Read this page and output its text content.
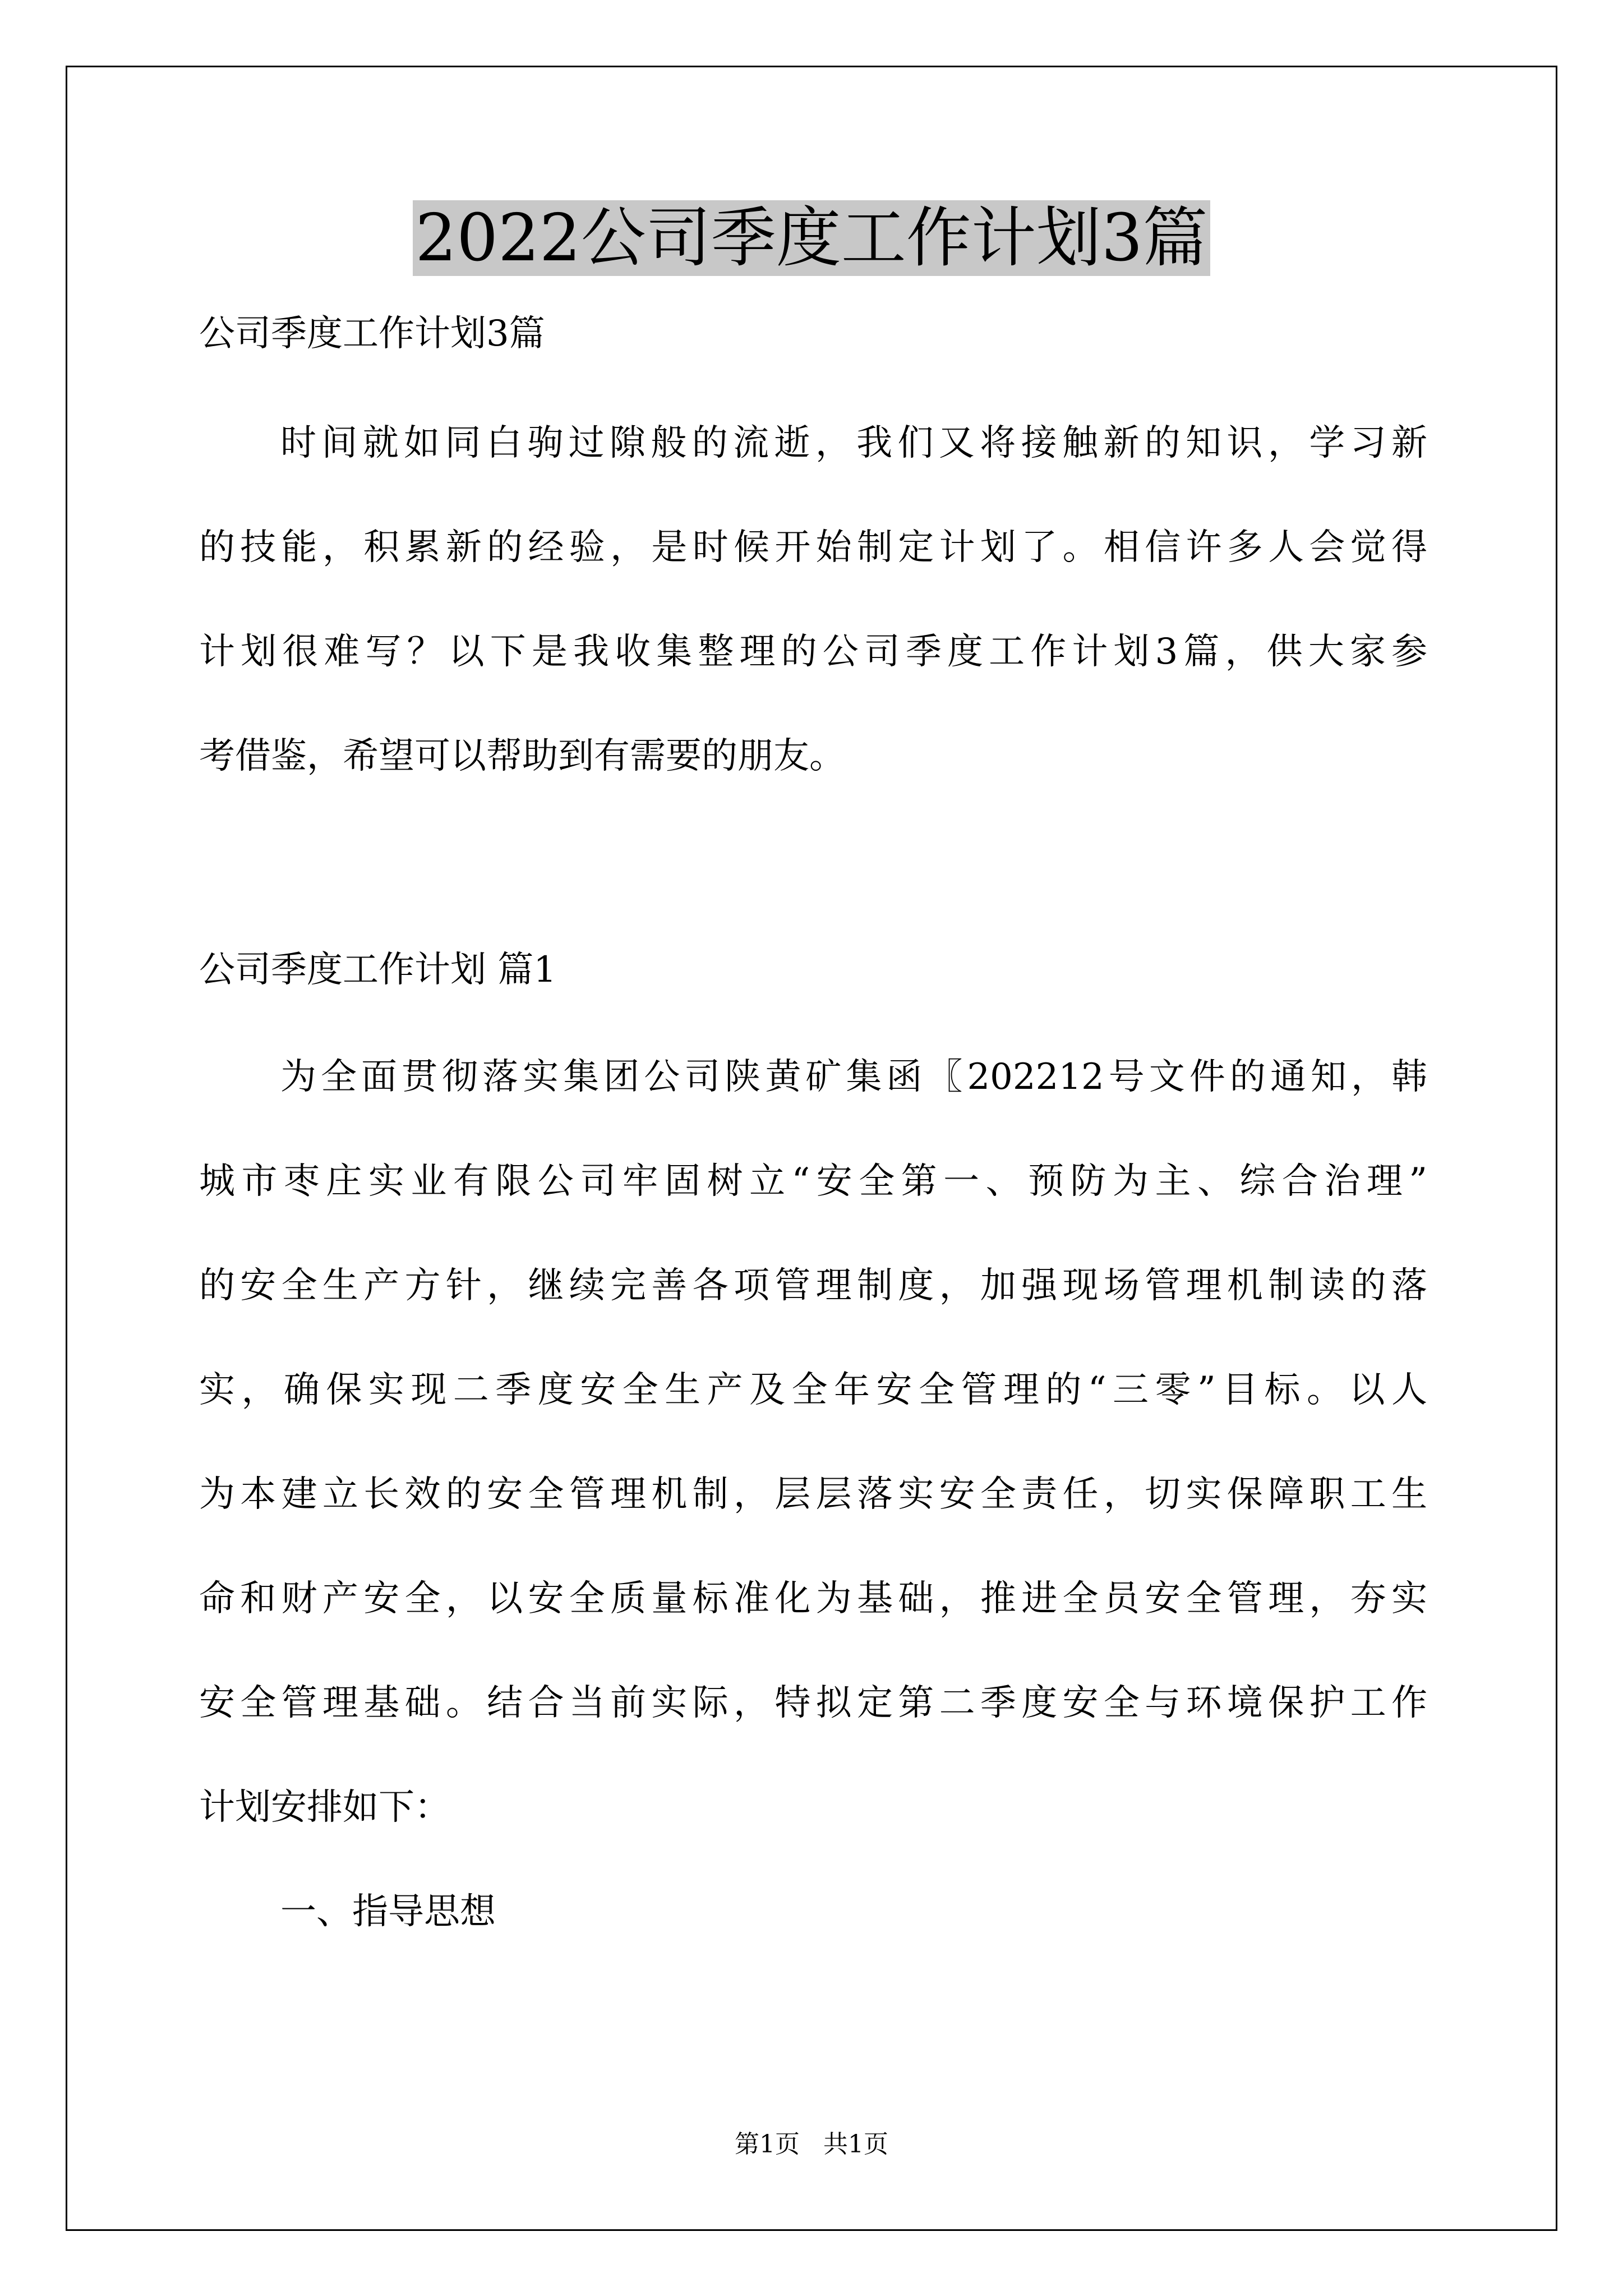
2022公司季度工作计划3篇

公司季度工作计划3篇

时间就如同白驹过隙般的流逝，我们又将接触新的知识，学习新

的技能，积累新的经验，是时候开始制定计划了。相信许多人会觉得

计划很难写？以下是我收集整理的公司季度工作计划3篇，供大家参

考借鉴，希望可以帮助到有需要的朋友。

公司季度工作计划 篇1

为全面贯彻落实集团公司陕黄矿集函〖202212号文件的通知，韩

城市枣庄实业有限公司牢固树立“安全第一、预防为主、综合治理”

的安全生产方针，继续完善各项管理制度，加强现场管理机制读的落

实，确保实现二季度安全生产及全年安全管理的“三零”目标。以人

为本建立长效的安全管理机制，层层落实安全责任，切实保障职工生

命和财产安全，以安全质量标准化为基础，推进全员安全管理，夯实

安全管理基础。结合当前实际，特拟定第二季度安全与环境保护工作

计划安排如下：

一、指导思想

第1页   共1页
